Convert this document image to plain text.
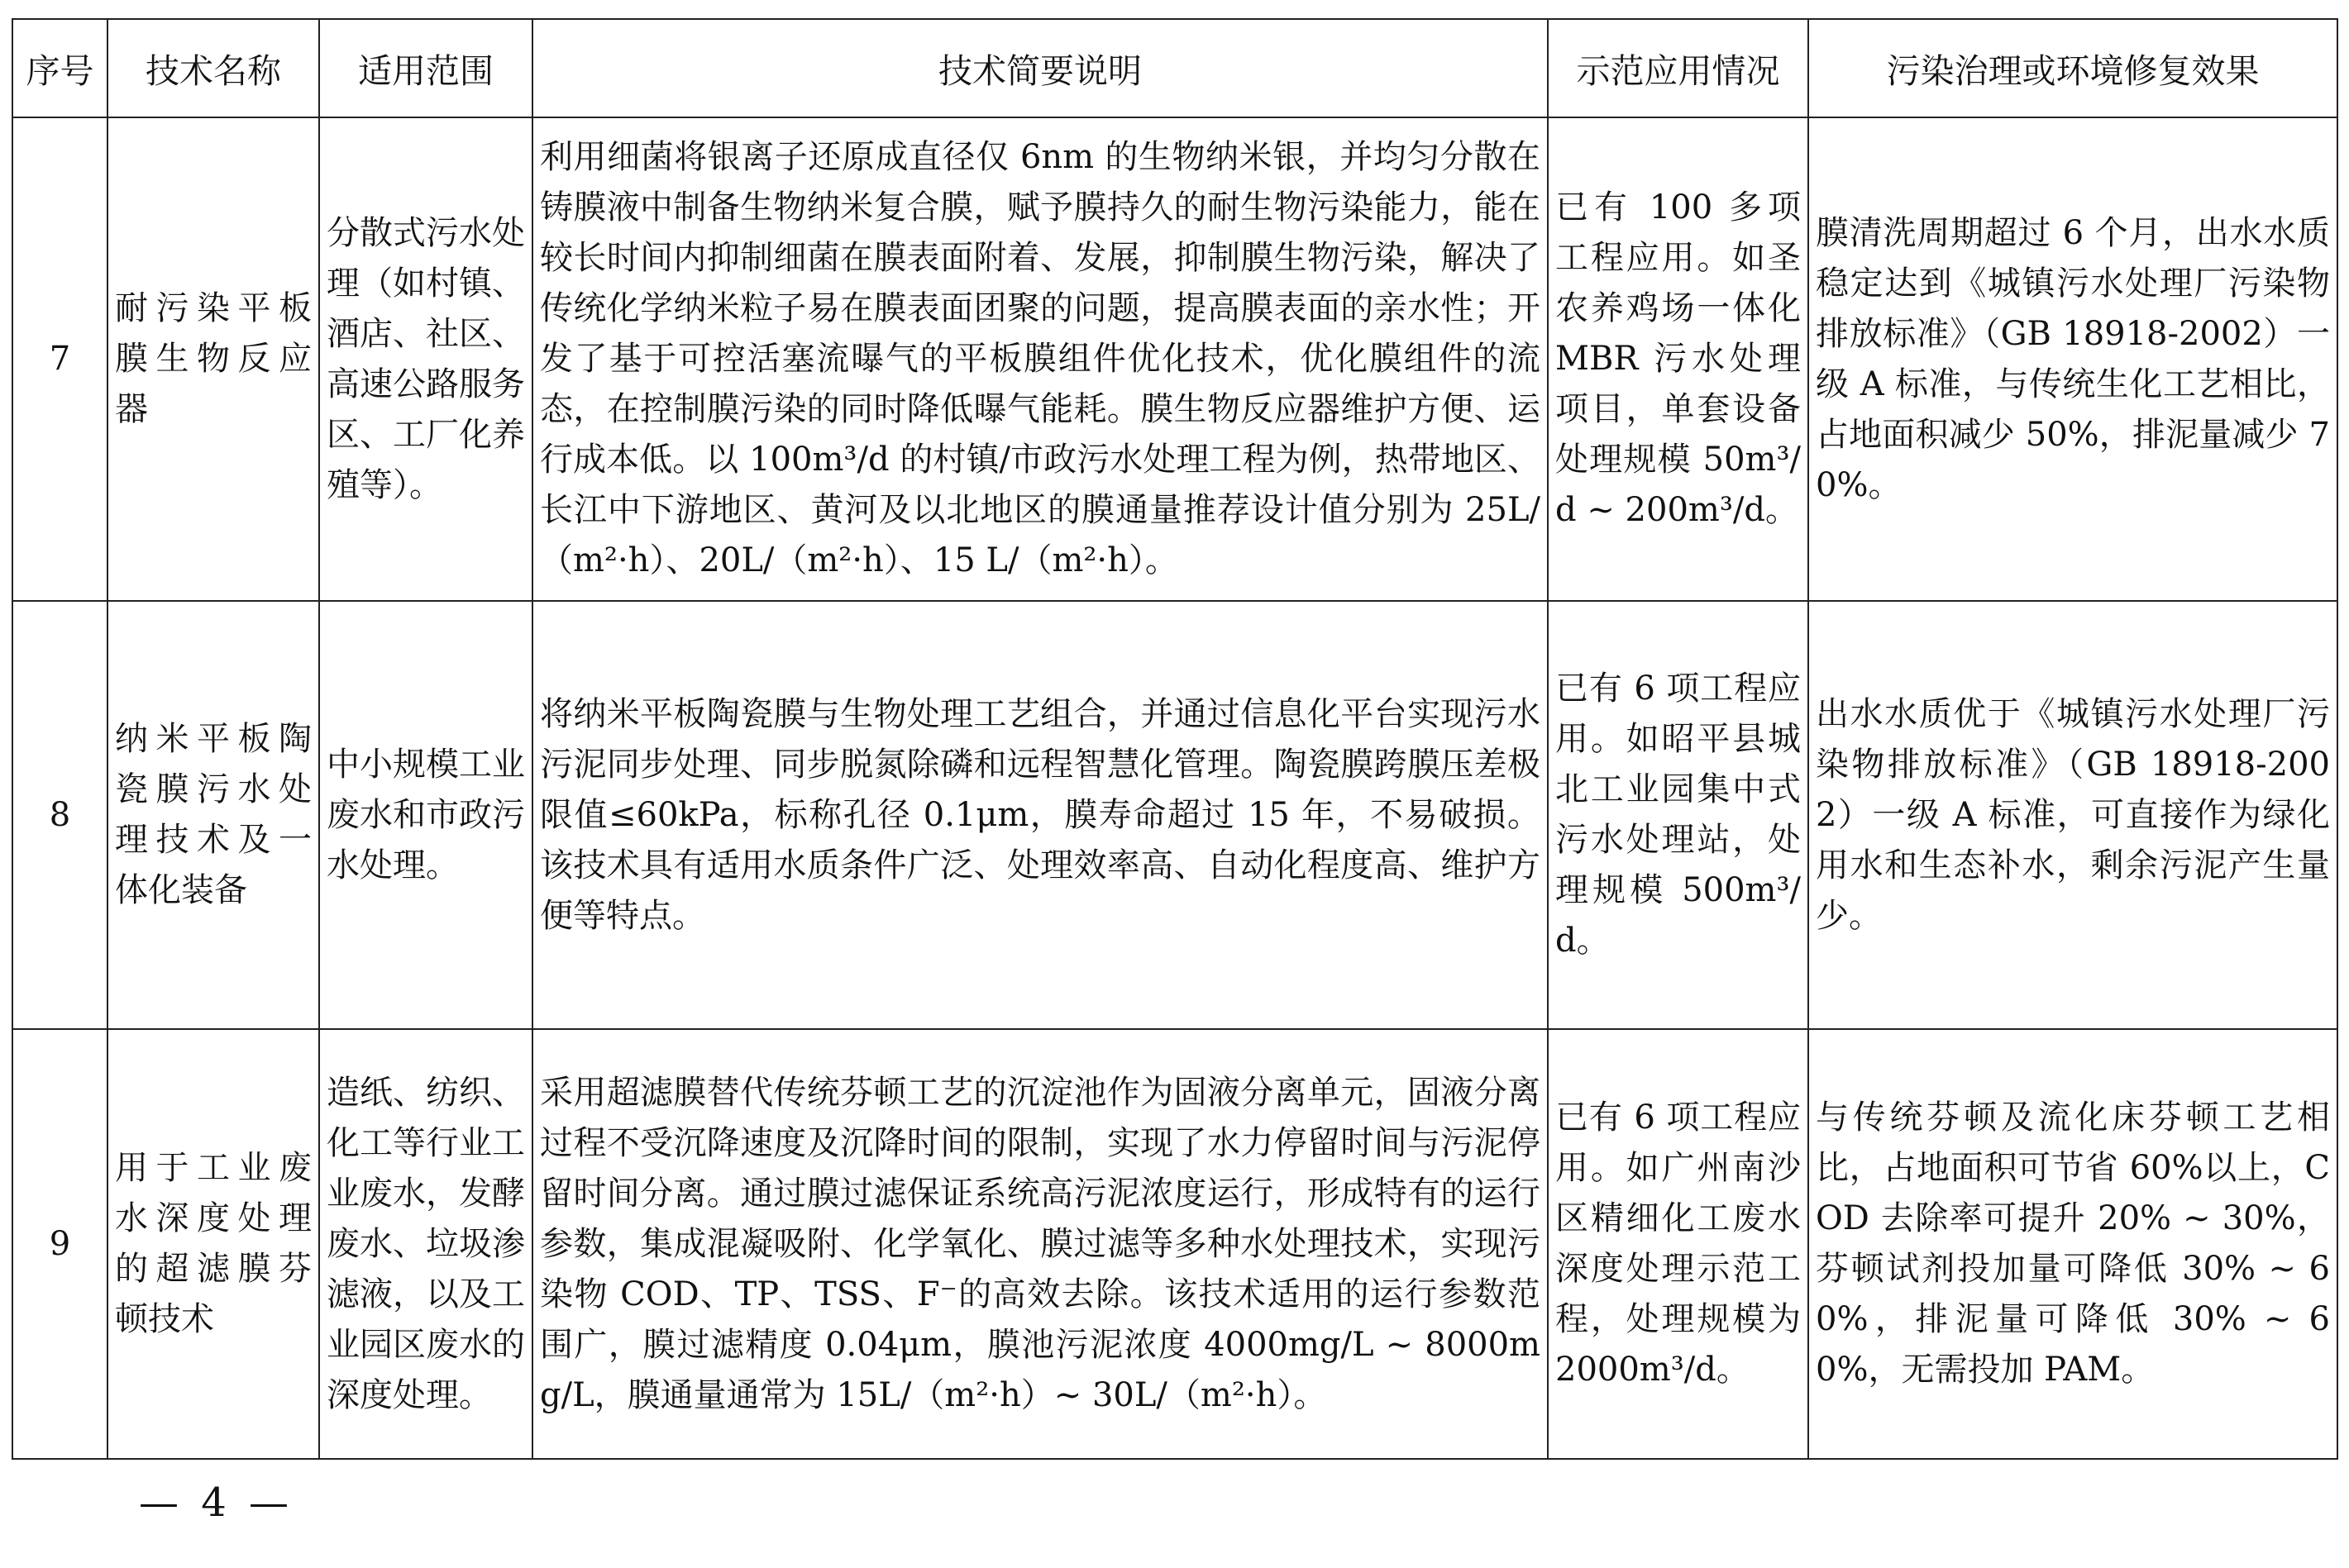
序号	技术名称	适用范围	技术简要说明	示范应用情况	污染治理或环境修复效果
7	耐污染平板膜生物反应器	分散式污水处理（如村镇、酒店、社区、高速公路服务区、工厂化养殖等）。	利用细菌将银离子还原成直径仅 6nm 的生物纳米银，并均匀分散在铸膜液中制备生物纳米复合膜，赋予膜持久的耐生物污染能力，能在较长时间内抑制细菌在膜表面附着、发展，抑制膜生物污染，解决了传统化学纳米粒子易在膜表面团聚的问题，提高膜表面的亲水性；开发了基于可控活塞流曝气的平板膜组件优化技术，优化膜组件的流态，在控制膜污染的同时降低曝气能耗。膜生物反应器维护方便、运行成本低。以 100m³/d 的村镇/市政污水处理工程为例，热带地区、长江中下游地区、黄河及以北地区的膜通量推荐设计值分别为 25L/（m²·h）、20L/（m²·h）、15 L/（m²·h）。	已有 100 多项工程应用。如圣农养鸡场一体化 MBR 污水处理项目，单套设备处理规模 50m³/d ~ 200m³/d。	膜清洗周期超过 6 个月，出水水质稳定达到《城镇污水处理厂污染物排放标准》（GB 18918-2002）一级 A 标准，与传统生化工艺相比，占地面积减少 50%，排泥量减少 70%。
8	纳米平板陶瓷膜污水处理技术及一体化装备	中小规模工业废水和市政污水处理。	将纳米平板陶瓷膜与生物处理工艺组合，并通过信息化平台实现污水污泥同步处理、同步脱氮除磷和远程智慧化管理。陶瓷膜跨膜压差极限值≤60kPa，标称孔径 0.1μm，膜寿命超过 15 年，不易破损。该技术具有适用水质条件广泛、处理效率高、自动化程度高、维护方便等特点。	已有 6 项工程应用。如昭平县城北工业园集中式污水处理站，处理规模 500m³/d。	出水水质优于《城镇污水处理厂污染物排放标准》（GB 18918-2002）一级 A 标准，可直接作为绿化用水和生态补水，剩余污泥产生量少。
9	用于工业废水深度处理的超滤膜芬顿技术	造纸、纺织、化工等行业工业废水，发酵废水、垃圾渗滤液，以及工业园区废水的深度处理。	采用超滤膜替代传统芬顿工艺的沉淀池作为固液分离单元，固液分离过程不受沉降速度及沉降时间的限制，实现了水力停留时间与污泥停留时间分离。通过膜过滤保证系统高污泥浓度运行，形成特有的运行参数，集成混凝吸附、化学氧化、膜过滤等多种水处理技术，实现污染物 COD、TP、TSS、F⁻的高效去除。该技术适用的运行参数范围广，膜过滤精度 0.04μm，膜池污泥浓度 4000mg/L ~ 8000mg/L，膜通量通常为 15L/（m²·h）~ 30L/（m²·h）。	已有 6 项工程应用。如广州南沙区精细化工废水深度处理示范工程，处理规模为 2000m³/d。	与传统芬顿及流化床芬顿工艺相比，占地面积可节省 60%以上，COD 去除率可提升 20% ~ 30%，芬顿试剂投加量可降低 30% ~ 60%，排泥量可降低 30% ~ 60%，无需投加 PAM。
— 4 —
